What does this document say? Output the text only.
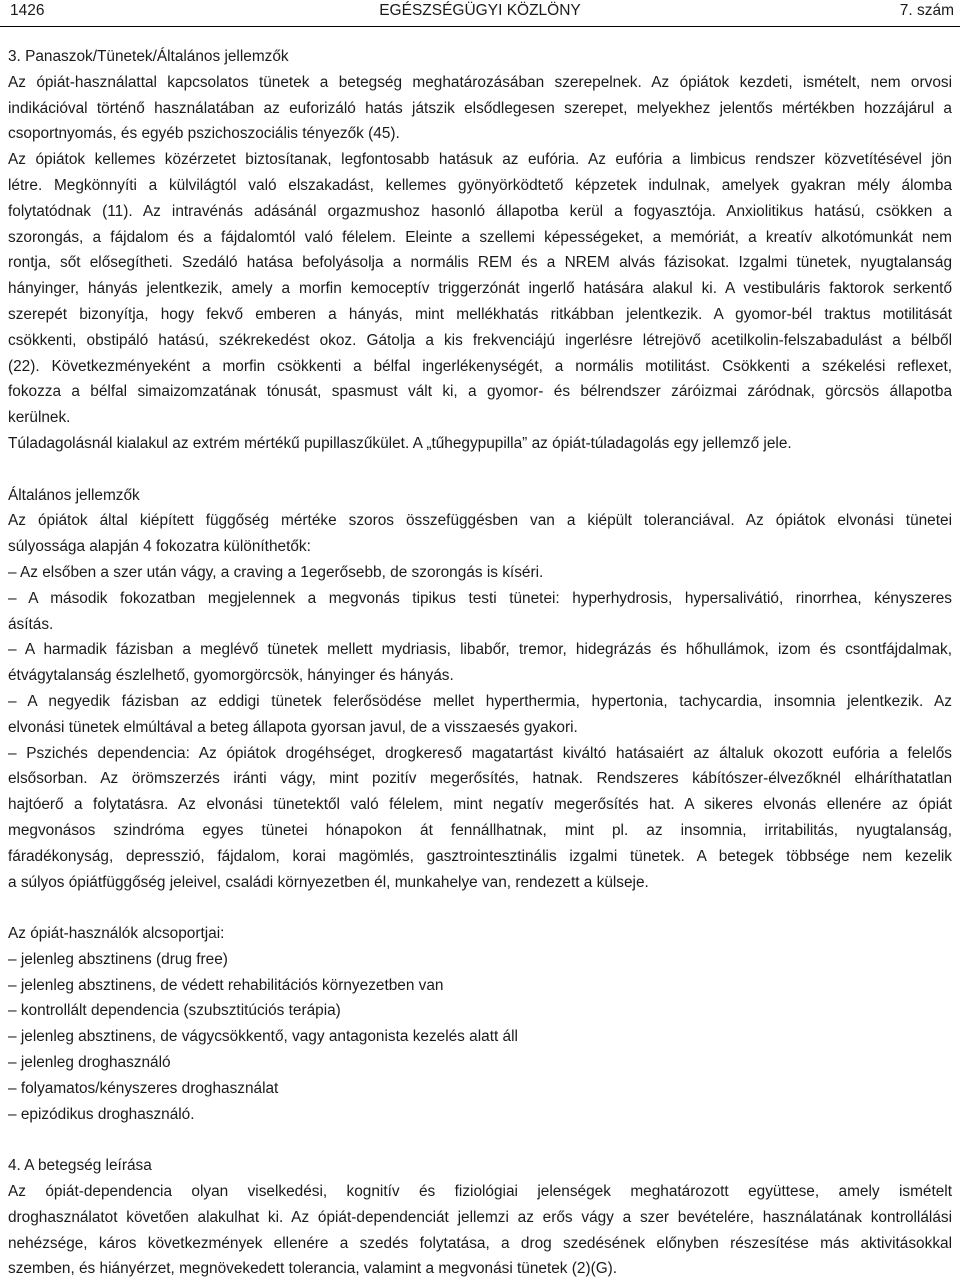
1426	EGÉSZSÉGÜGYI KÖZLÖNY	7. szám
3. Panaszok/Tünetek/Általános jellemzők
Az ópiát-használattal kapcsolatos tünetek a betegség meghatározásában szerepelnek. Az ópiátok kezdeti, ismételt, nem orvosi
indikációval történő használatában az euforizáló hatás játszik elsődlegesen szerepet, melyekhez jelentős mértékben hozzájárul a
csoportnyomás, és egyéb pszichoszociális tényezők (45).
Az ópiátok kellemes közérzetet biztosítanak, legfontosabb hatásuk az eufória. Az eufória a limbicus rendszer közvetítésével jön
létre. Megkönnyíti a külvilágtól való elszakadást, kellemes gyönyörködtető képzetek indulnak, amelyek gyakran mély álomba
folytatódnak (11). Az intravénás adásánál orgazmushoz hasonló állapotba kerül a fogyasztója. Anxiolitikus hatású, csökken a
szorongás, a fájdalom és a fájdalomtól való félelem. Eleinte a szellemi képességeket, a memóriát, a kreatív alkotómunkát nem
rontja, sőt elősegítheti. Szedáló hatása befolyásolja a normális REM és a NREM alvás fázisokat. Izgalmi tünetek, nyugtalanság
hányinger, hányás jelentkezik, amely a morfin kemoceptív triggerzónát ingerlő hatására alakul ki. A vestibuláris faktorok serkentő
szerepét bizonyítja, hogy fekvő emberen a hányás, mint mellékhatás ritkábban jelentkezik. A gyomor-bél traktus motilitását
csökkenti, obstipáló hatású, székrekedést okoz. Gátolja a kis frekvenciájú ingerlésre létrejövő acetilkolin-felszabadulást a bélből
(22). Következményeként a morfin csökkenti a bélfal ingerlékenységét, a normális motilitást. Csökkenti a székelési reflexet,
fokozza a bélfal simaizomzatának tónusát, spasmust vált ki, a gyomor- és bélrendszer záróizmai záródnak, görcsös állapotba
kerülnek.
Túladagolásnál kialakul az extrém mértékű pupillaszűkület. A „tűhegypupilla” az ópiát-túladagolás egy jellemző jele.
Általános jellemzők
Az ópiátok által kiépített függőség mértéke szoros összefüggésben van a kiépült toleranciával. Az ópiátok elvonási tünetei
súlyossága alapján 4 fokozatra különíthetők:
– Az elsőben a szer után vágy, a craving a 1egerősebb, de szorongás is kíséri.
– A második fokozatban megjelennek a megvonás tipikus testi tünetei: hyperhydrosis, hypersalivátió, rinorrhea, kényszeres
ásítás.
– A harmadik fázisban a meglévő tünetek mellett mydriasis, libabőr, tremor, hidegrázás és hőhullámok, izom és csontfájdalmak,
étvágytalanság észlelhető, gyomorgörcsök, hányinger és hányás.
– A negyedik fázisban az eddigi tünetek felerősödése mellet hyperthermia, hypertonia, tachycardia, insomnia jelentkezik. Az
elvonási tünetek elmúltával a beteg állapota gyorsan javul, de a visszaesés gyakori.
– Pszichés dependencia: Az ópiátok drogéhséget, drogkereső magatartást kiváltó hatásaiért az általuk okozott eufória a felelős
elsősorban. Az örömszerzés iránti vágy, mint pozitív megerősítés, hatnak. Rendszeres kábítószer-élvezőknél elháríthatatlan
hajtóerő a folytatásra. Az elvonási tünetektől való félelem, mint negatív megerősítés hat. A sikeres elvonás ellenére az ópiát
megvonásos szindróma egyes tünetei hónapokon át fennállhatnak, mint pl. az insomnia, irritabilitás, nyugtalanság,
fáradékonyság, depresszió, fájdalom, korai magömlés, gasztrointesztinális izgalmi tünetek. A betegek többsége nem kezelik
a súlyos ópiátfüggőség jeleivel, családi környezetben él, munkahelye van, rendezett a külseje.
Az ópiát-használók alcsoportjai:
– jelenleg absztinens (drug free)
– jelenleg absztinens, de védett rehabilitációs környezetben van
– kontrollált dependencia (szubsztitúciós terápia)
– jelenleg absztinens, de vágycsökkentő, vagy antagonista kezelés alatt áll
– jelenleg droghasználó
– folyamatos/kényszeres droghasználat
– epizódikus droghasználó.
4. A betegség leírása
Az ópiát-dependencia olyan viselkedési, kognitív és fiziológiai jelenségek meghatározott együttese, amely ismételt
droghasználatot követően alakulhat ki. Az ópiát-dependenciát jellemzi az erős vágy a szer bevételére, használatának kontrollálási
nehézsége, káros következmények ellenére a szedés folytatása, a drog szedésének előnyben részesítése más aktivitásokkal
szemben, és hiányérzet, megnövekedett tolerancia, valamint a megvonási tünetek (2)(G).
